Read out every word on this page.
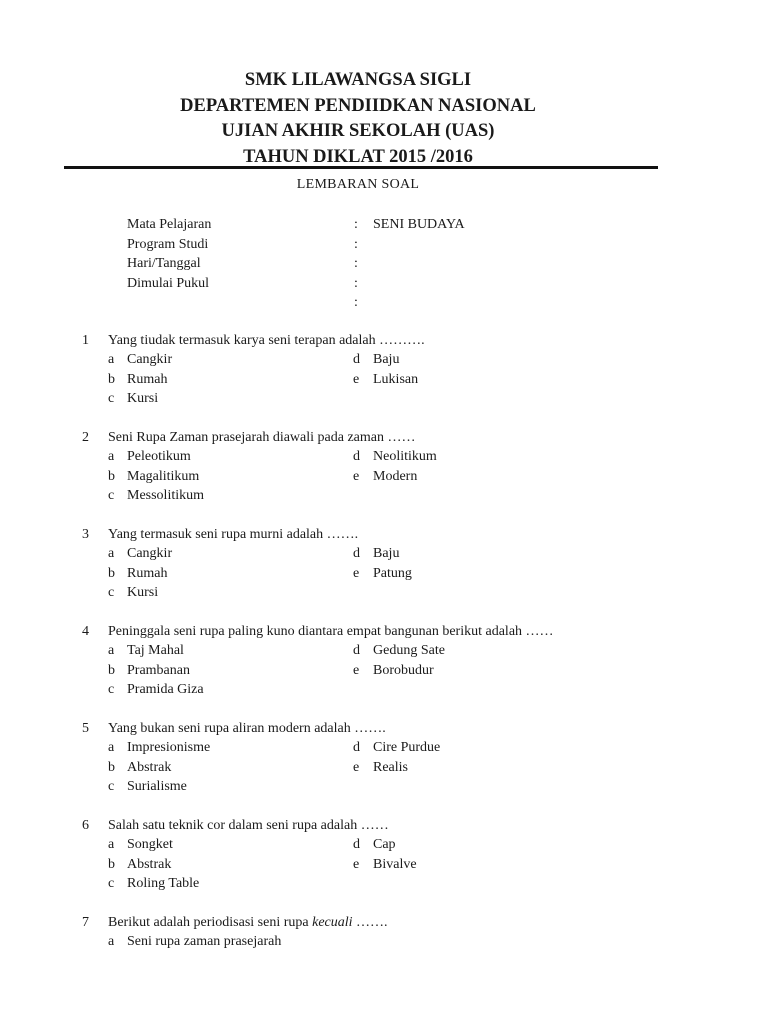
SMK LILAWANGSA SIGLI
DEPARTEMEN PENDIIDKAN NASIONAL
UJIAN AKHIR SEKOLAH (UAS)
TAHUN DIKLAT 2015 /2016
LEMBARAN SOAL
Mata Pelajaran	: SENI BUDAYA
Program Studi	:
Hari/Tanggal	:
Dimulai Pukul	:
:
1 Yang tiudak termasuk karya seni terapan adalah ……….
a Cangkir	d Baju
b Rumah	e Lukisan
c Kursi
2 Seni Rupa Zaman prasejarah diawali pada zaman ……
a Peleotikum	d Neolitikum
b Magalitikum	e Modern
c Messolitikum
3 Yang termasuk seni rupa murni adalah …….
a Cangkir	d Baju
b Rumah	e Patung
c Kursi
4 Peninggala seni rupa paling kuno diantara empat bangunan berikut adalah ……
a Taj Mahal	d Gedung Sate
b Prambanan	e Borobudur
c Pramida Giza
5 Yang bukan seni rupa aliran modern adalah …….
a Impresionisme	d Cire Purdue
b Abstrak	e Realis
c Surialisme
6 Salah satu teknik cor dalam seni rupa adalah ……
a Songket	d Cap
b Abstrak	e Bivalve
c Roling Table
7 Berikut adalah periodisasi seni rupa kecuali …….
a Seni rupa zaman prasejarah
